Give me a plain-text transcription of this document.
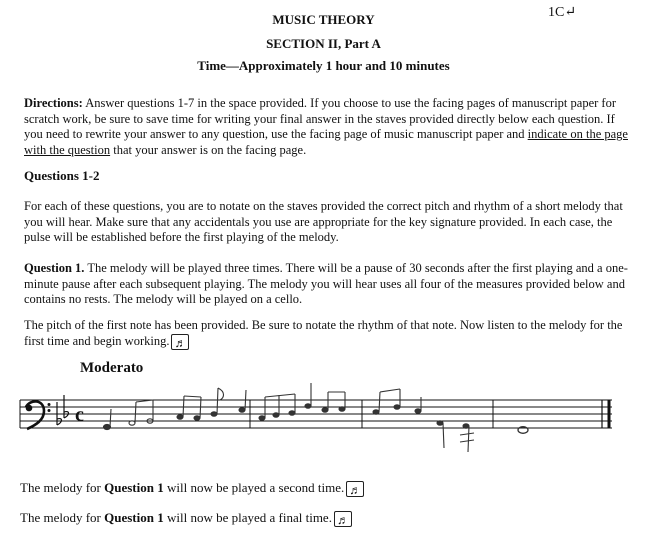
1C↵
MUSIC THEORY
SECTION II, Part A
Time—Approximately 1 hour and 10 minutes
Directions: Answer questions 1-7 in the space provided. If you choose to use the facing pages of manuscript paper for scratch work, be sure to save time for writing your final answer in the staves provided directly below each question. If you need to rewrite your answer to any question, use the facing page of music manuscript paper and indicate on the page with the question that your answer is on the facing page.
Questions 1-2
For each of these questions, you are to notate on the staves provided the correct pitch and rhythm of a short melody that you will hear. Make sure that any accidentals you use are appropriate for the key signature provided. In each case, the pulse will be established before the first playing of the melody.
Question 1. The melody will be played three times. There will be a pause of 30 seconds after the first playing and a one-minute pause after each subsequent playing. The melody you will hear uses all four of the measures provided below and contains no rests. The melody will be played on a cello.
The pitch of the first note has been provided. Be sure to notate the rhythm of that note. Now listen to the melody for the first time and begin working. ♬
Moderato
c
The melody for Question 1 will now be played a second time. ♬
The melody for Question 1 will now be played a final time. ♬
